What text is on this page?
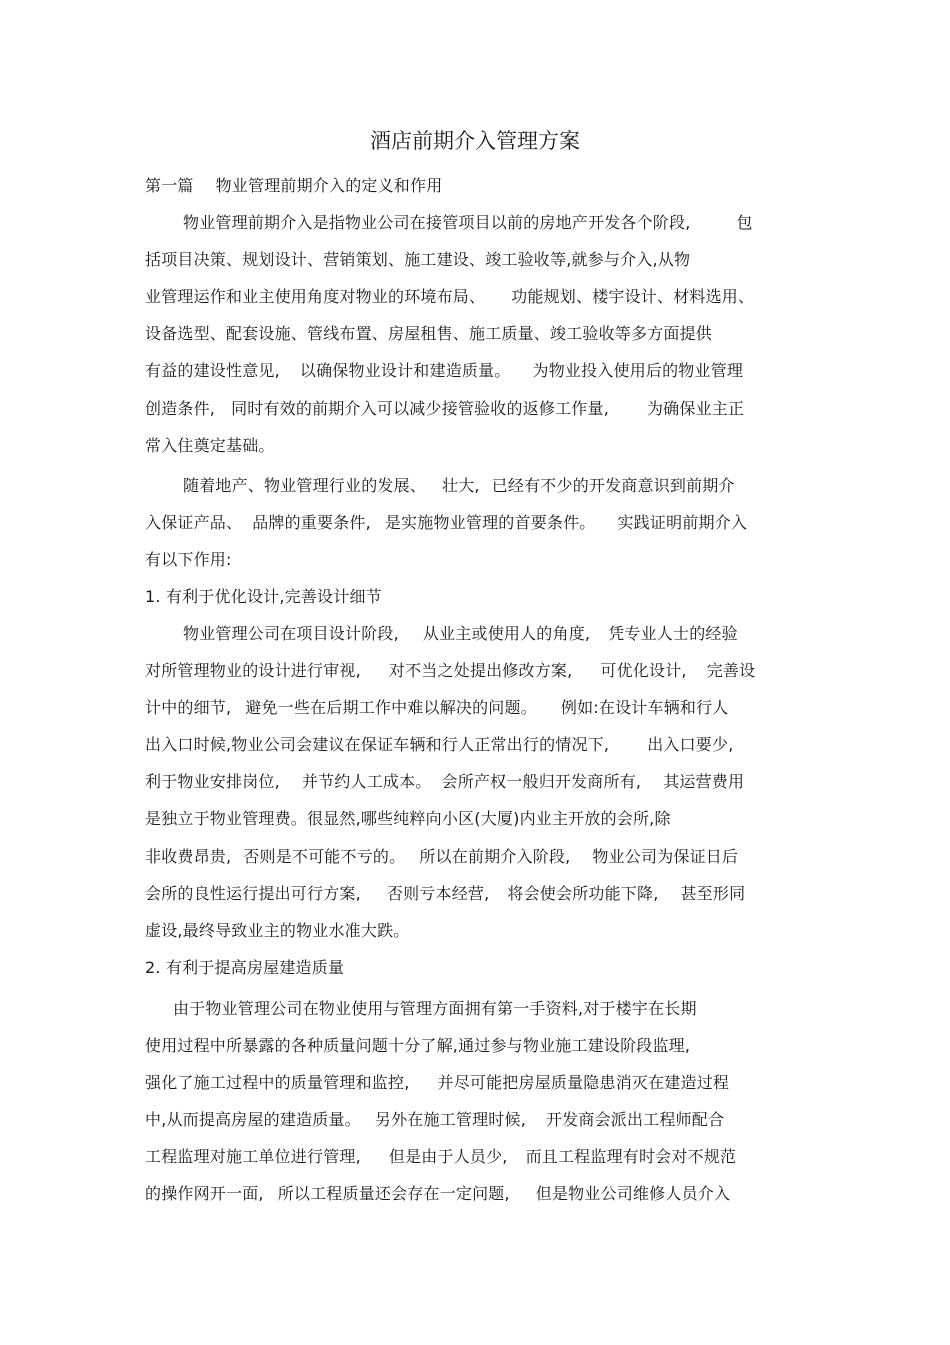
酒店前期介入管理方案
第一篇 物业管理前期介入的定义和作用
物业管理前期介入是指物业公司在接管项目以前的房地产开发各个阶段,	包
括项目决策、规划设计、营销策划、施工建设、竣工验收等,就参与介入,从物
业管理运作和业主使用角度对物业的环境布局、 功能规划、楼宇设计、材料选用、
设备选型、配套设施、管线布置、房屋租售、施工质量、竣工验收等多方面提供
有益的建设性意见, 以确保物业设计和建造质量。 为物业投入使用后的物业管理
创造条件, 同时有效的前期介入可以减少接管验收的返修工作量, 为确保业主正
常入住奠定基础。
随着地产、物业管理行业的发展、 壮大, 已经有不少的开发商意识到前期介
入保证产品、 品牌的重要条件, 是实施物业管理的首要条件。 实践证明前期介入
有以下作用:
1. 有利于优化设计,完善设计细节
物业管理公司在项目设计阶段, 从业主或使用人的角度, 凭专业人士的经验
对所管理物业的设计进行审视, 对不当之处提出修改方案, 可优化设计, 完善设
计中的细节, 避免一些在后期工作中难以解决的问题。 例如:在设计车辆和行人
出入口时候,物业公司会建议在保证车辆和行人正常出行的情况下, 出入口要少,
利于物业安排岗位, 并节约人工成本。 会所产权一般归开发商所有, 其运营费用
是独立于物业管理费。很显然,哪些纯粹向小区(大厦)内业主开放的会所,除
非收费昂贵, 否则是不可能不亏的。 所以在前期介入阶段, 物业公司为保证日后
会所的良性运行提出可行方案, 否则亏本经营, 将会使会所功能下降, 甚至形同
虚设,最终导致业主的物业水准大跌。
2. 有利于提高房屋建造质量
由于物业管理公司在物业使用与管理方面拥有第一手资料,对于楼宇在长期
使用过程中所暴露的各种质量问题十分了解,通过参与物业施工建设阶段监理,
强化了施工过程中的质量管理和监控, 并尽可能把房屋质量隐患消灭在建造过程
中,从而提高房屋的建造质量。 另外在施工管理时候, 开发商会派出工程师配合
工程监理对施工单位进行管理, 但是由于人员少, 而且工程监理有时会对不规范
的操作网开一面, 所以工程质量还会存在一定问题, 但是物业公司维修人员介入
